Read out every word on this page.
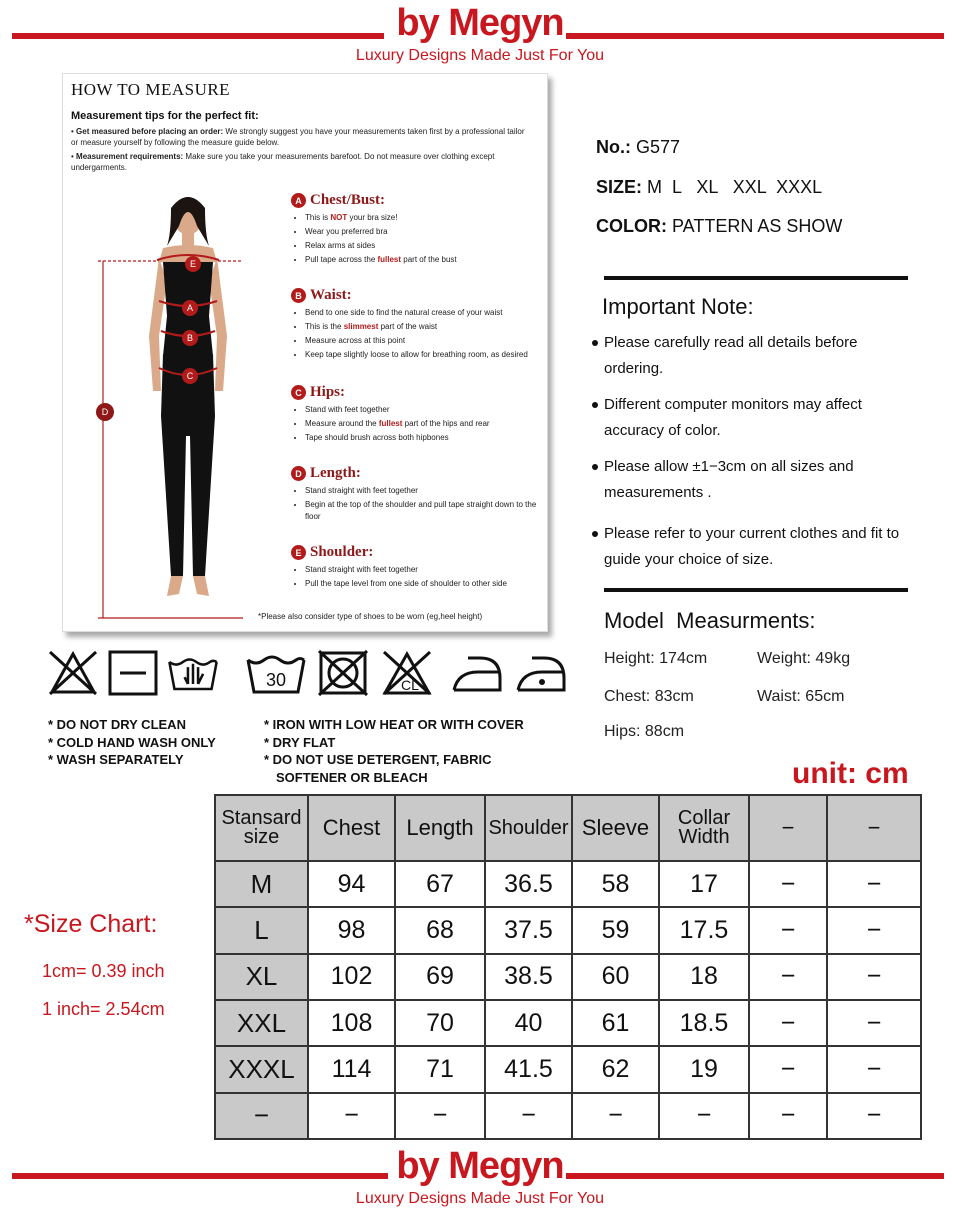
by Megyn
Luxury Designs Made Just For You
HOW TO MEASURE
Measurement tips for the perfect fit:

• Get measured before placing an order: We strongly suggest you have your measurements taken first by a professional tailor or measure yourself by following the measure guide below.

• Measurement requirements: Make sure you take your measurements barefoot. Do not measure over clothing except undergarments.

E
A
B
C
D
A Chest/Bust:
• This is NOT your bra size!
• Wear you preferred bra
• Relax arms at sides
• Pull tape across the fullest part of the bust
B Waist:
• Bend to one side to find the natural crease of your waist
• This is the slimmest part of the waist
• Measure across at this point
• Keep tape slightly loose to allow for breathing room, as desired
C Hips:
• Stand with feet together
• Measure around the fullest part of the hips and rear
• Tape should brush across both hipbones
D Length:
• Stand straight with feet together
• Begin at the top of the shoulder and pull tape straight down to the floor
E Shoulder:
• Stand straight with feet together
• Pull the tape level from one side of shoulder to other side
*Please also consider type of shoes to be worn (eg,heel height)
No.: G577
SIZE: M  L   XL   XXL  XXXL
COLOR: PATTERN AS SHOW
Important Note:
Please carefully read all details before ordering.
Different computer monitors may affect accuracy of color.
Please allow ±1−3cm on all sizes and measurements .
Please refer to your current clothes and fit to guide your choice of size.
Model  Measurments:
Height: 174cm	Weight: 49kg
Chest: 83cm	Waist: 65cm
Hips: 88cm
30	CL
* DO NOT DRY CLEAN
* COLD HAND WASH ONLY
* WASH SEPARATELY
* IRON WITH LOW HEAT OR WITH COVER
* DRY FLAT
* DO NOT USE DETERGENT, FABRIC
SOFTENER OR BLEACH	unit: cm
*Size Chart:
1cm= 0.39 inch
1 inch= 2.54cm
Stansard size	Chest	Length	Shoulder	Sleeve	Collar Width	−	−
M	94	67	36.5	58	17	−	−
L	98	68	37.5	59	17.5	−	−
XL	102	69	38.5	60	18	−	−
XXL	108	70	40	61	18.5	−	−
XXXL	114	71	41.5	62	19	−	−
−	−	−	−	−	−	−	−
by Megyn
Luxury Designs Made Just For You
